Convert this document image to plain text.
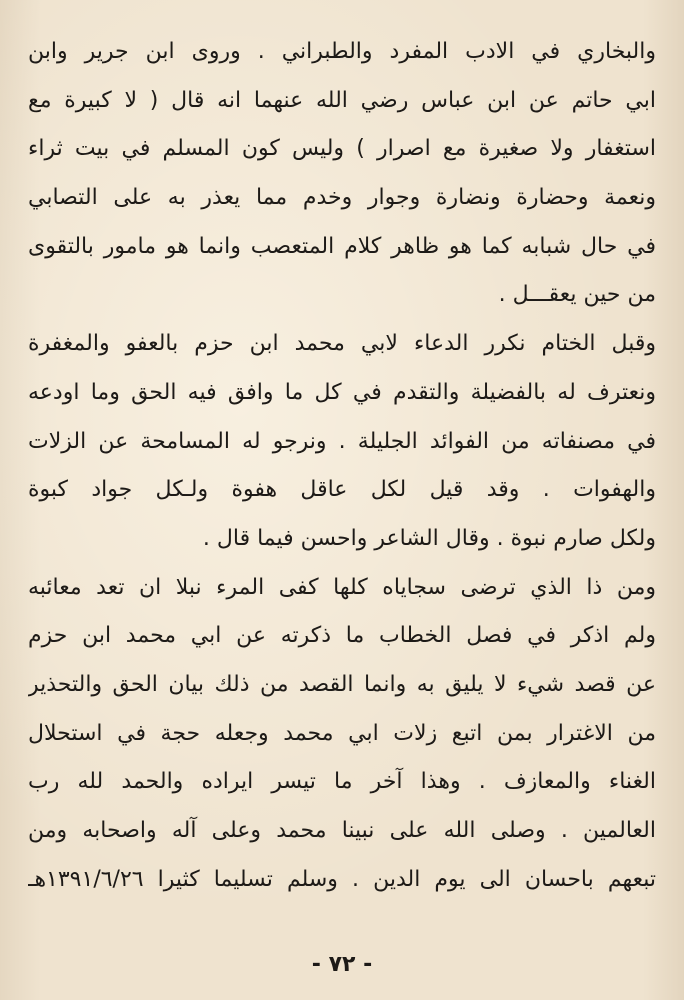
والبخاري في الادب المفرد والطبراني . وروى ابن جرير وابن
ابي حاتم عن ابن عباس رضي الله عنهما انه قال ( لا كبيرة مع
استغفار ولا صغيرة مع اصرار ) وليس كون المسلم في بيت ثراء
ونعمة وحضارة ونضارة وجوار وخدم مما يعذر به على التصابي
في حال شبابه كما هو ظاهر كلام المتعصب وانما هو مامور بالتقوى
من حين يعقـــل .
وقبل الختام نكرر الدعاء لابي محمد ابن حزم بالعفو والمغفرة
ونعترف له بالفضيلة والتقدم في كل ما وافق فيه الحق وما اودعه
في مصنفاته من الفوائد الجليلة . ونرجو له المسامحة عن الزلات
والهفوات . وقد قيل لكل عاقل هفوة ولـكل جواد كبوة
ولكل صارم نبوة . وقال الشاعر واحسن فيما قال .
ومن ذا الذي ترضى سجاياه كلها كفى المرء نبلا ان تعد معائبه
ولم اذكر في فصل الخطاب ما ذكرته عن ابي محمد ابن حزم
عن قصد شيء لا يليق به وانما القصد من ذلك بيان الحق والتحذير
من الاغترار بمن اتبع زلات ابي محمد وجعله حجة في استحلال
الغناء والمعازف . وهذا آخر ما تيسر ايراده والحمد لله رب
العالمين . وصلى الله على نبينا محمد وعلى آله واصحابه ومن
تبعهم باحسان الى يوم الدين . وسلم تسليما كثيرا ١٣٩١/٦/٢٦هـ
- ٧٢ -
